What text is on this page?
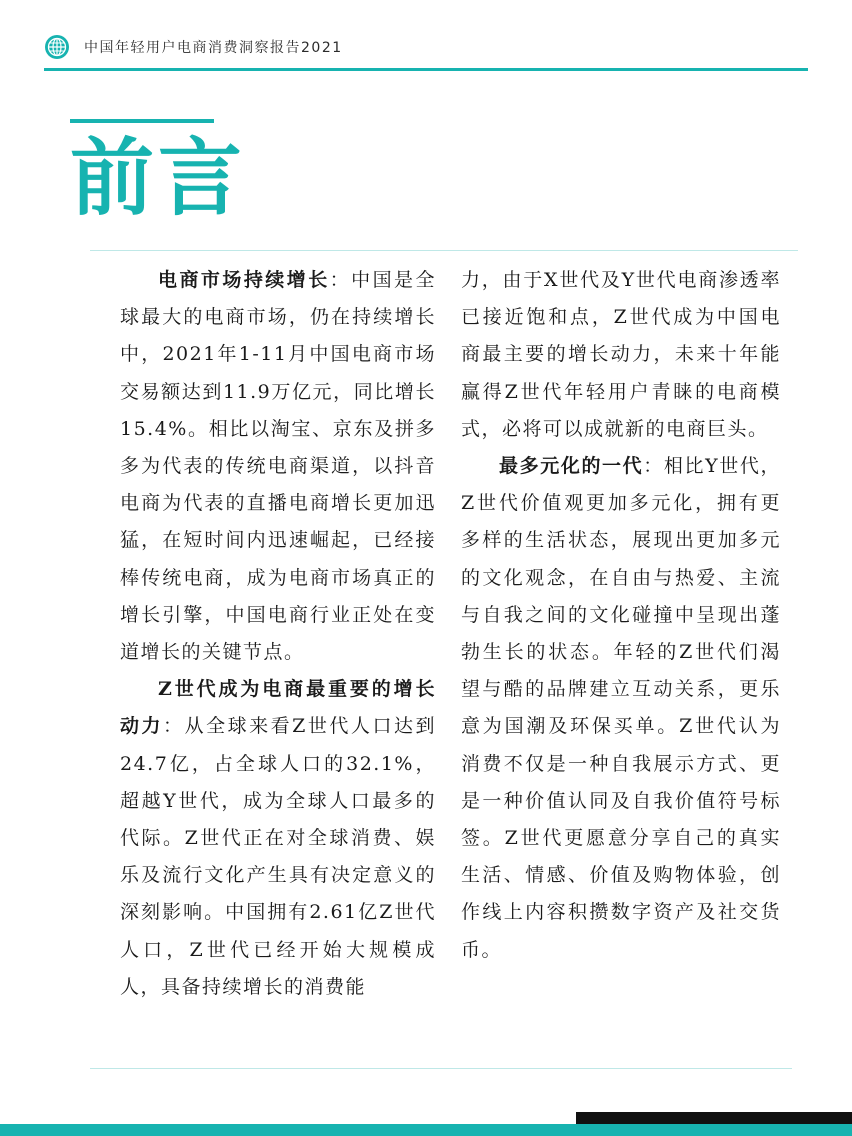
中国年轻用户电商消费洞察报告2021
前言

电商市场持续增长：中国是全球最大的电商市场，仍在持续增长中，2021年1-11月中国电商市场交易额达到11.9万亿元，同比增长15.4%。相比以淘宝、京东及拼多多为代表的传统电商渠道，以抖音电商为代表的直播电商增长更加迅猛，在短时间内迅速崛起，已经接棒传统电商，成为电商市场真正的增长引擎，中国电商行业正处在变道增长的关键节点。

Z世代成为电商最重要的增长动力：从全球来看Z世代人口达到24.7亿，占全球人口的32.1%，超越Y世代，成为全球人口最多的代际。Z世代正在对全球消费、娱乐及流行文化产生具有决定意义的深刻影响。中国拥有2.61亿Z世代人口，Z世代已经开始大规模成人，具备持续增长的消费能

力，由于X世代及Y世代电商渗透率已接近饱和点，Z世代成为中国电商最主要的增长动力，未来十年能赢得Z世代年轻用户青睐的电商模式，必将可以成就新的电商巨头。

最多元化的一代：相比Y世代，Z世代价值观更加多元化，拥有更多样的生活状态，展现出更加多元的文化观念，在自由与热爱、主流与自我之间的文化碰撞中呈现出蓬勃生长的状态。年轻的Z世代们渴望与酷的品牌建立互动关系，更乐意为国潮及环保买单。Z世代认为消费不仅是一种自我展示方式、更是一种价值认同及自我价值符号标签。Z世代更愿意分享自己的真实生活、情感、价值及购物体验，创作线上内容积攒数字资产及社交货币。
